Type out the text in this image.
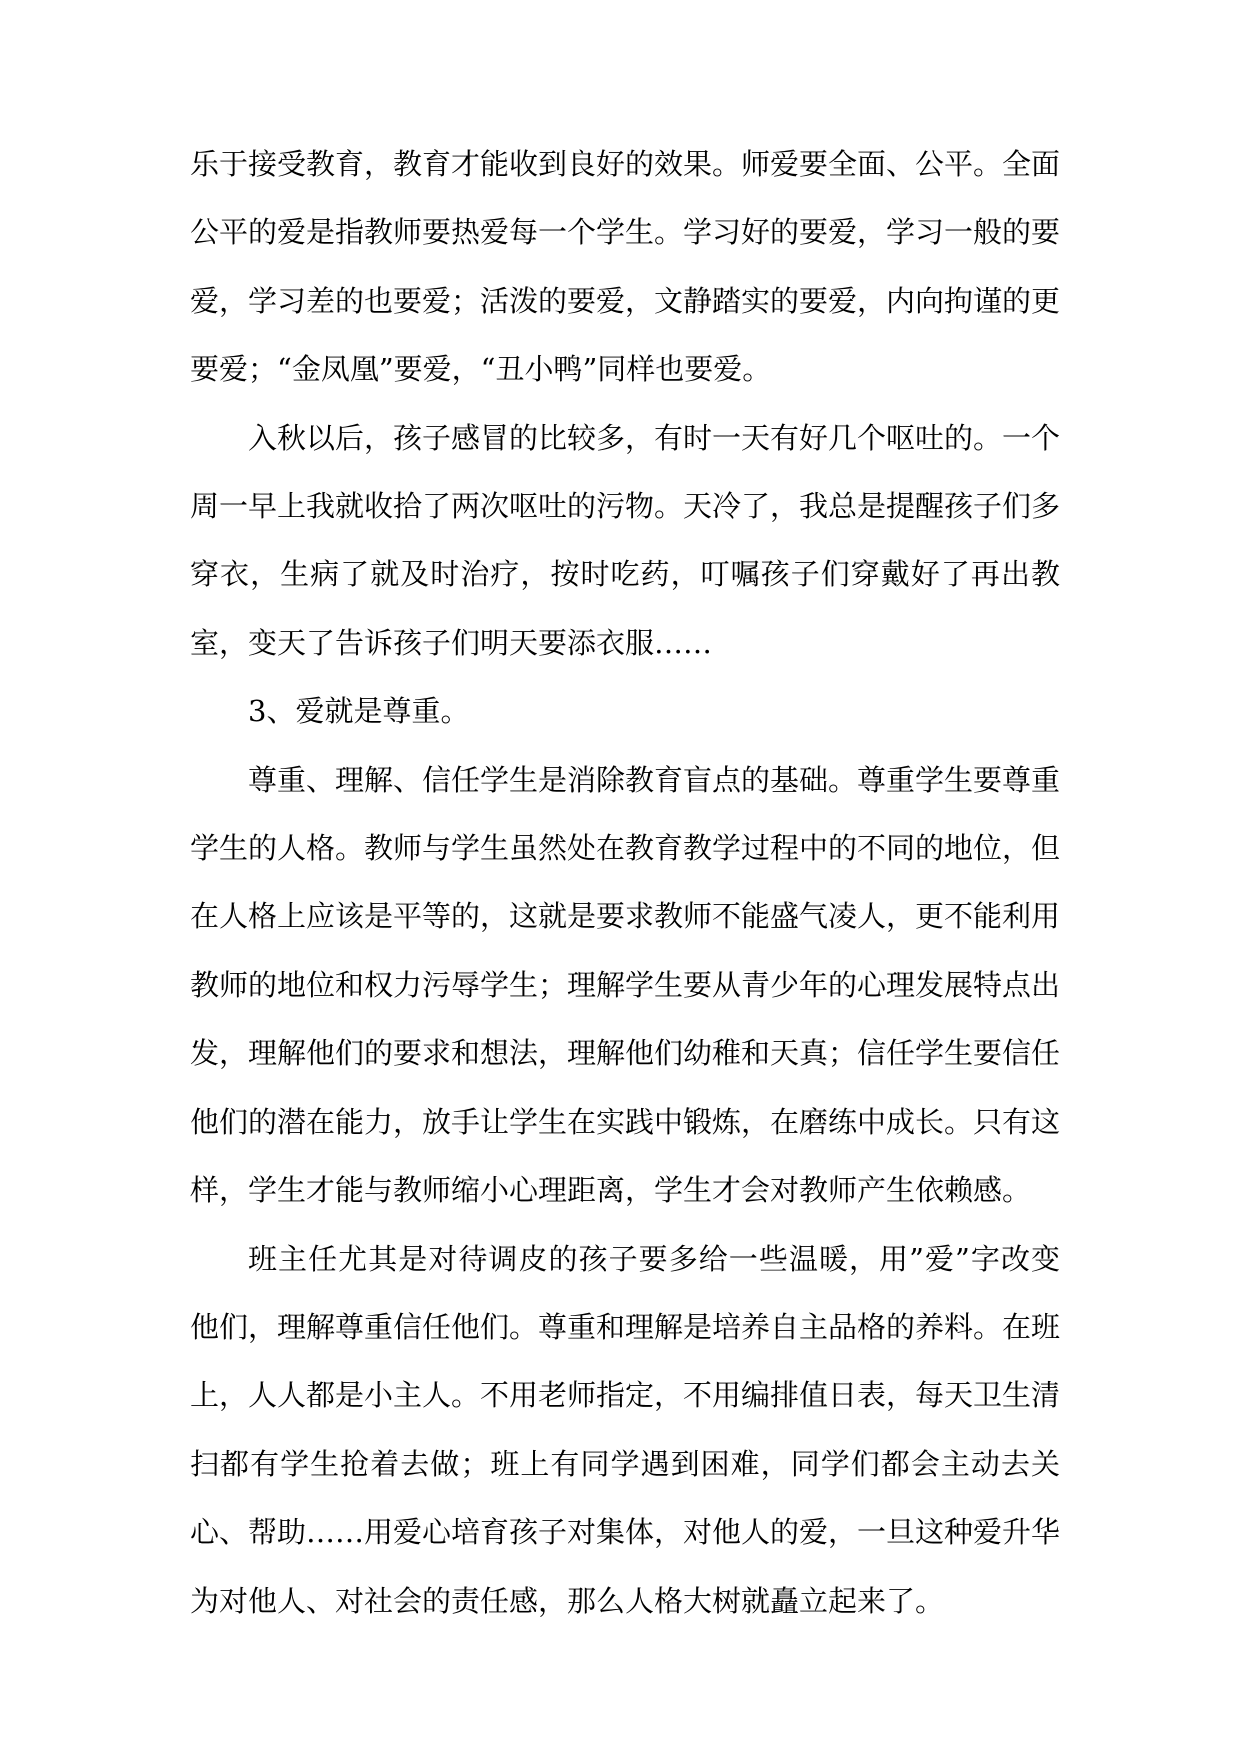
乐于接受教育，教育才能收到良好的效果。师爱要全面、公平。全面公平的爱是指教师要热爱每一个学生。学习好的要爱，学习一般的要爱，学习差的也要爱；活泼的要爱，文静踏实的要爱，内向拘谨的更要爱；“金凤凰”要爱，“丑小鸭”同样也要爱。

入秋以后，孩子感冒的比较多，有时一天有好几个呕吐的。一个周一早上我就收拾了两次呕吐的污物。天冷了，我总是提醒孩子们多穿衣，生病了就及时治疗，按时吃药，叮嘱孩子们穿戴好了再出教室，变天了告诉孩子们明天要添衣服……

3、爱就是尊重。

尊重、理解、信任学生是消除教育盲点的基础。尊重学生要尊重学生的人格。教师与学生虽然处在教育教学过程中的不同的地位，但在人格上应该是平等的，这就是要求教师不能盛气凌人，更不能利用教师的地位和权力污辱学生；理解学生要从青少年的心理发展特点出发，理解他们的要求和想法，理解他们幼稚和天真；信任学生要信任他们的潜在能力，放手让学生在实践中锻炼，在磨练中成长。只有这样，学生才能与教师缩小心理距离，学生才会对教师产生依赖感。

班主任尤其是对待调皮的孩子要多给一些温暖，用”爱”字改变他们，理解尊重信任他们。尊重和理解是培养自主品格的养料。在班上，人人都是小主人。不用老师指定，不用编排值日表，每天卫生清扫都有学生抢着去做；班上有同学遇到困难，同学们都会主动去关心、帮助……用爱心培育孩子对集体，对他人的爱，一旦这种爱升华为对他人、对社会的责任感，那么人格大树就矗立起来了。
